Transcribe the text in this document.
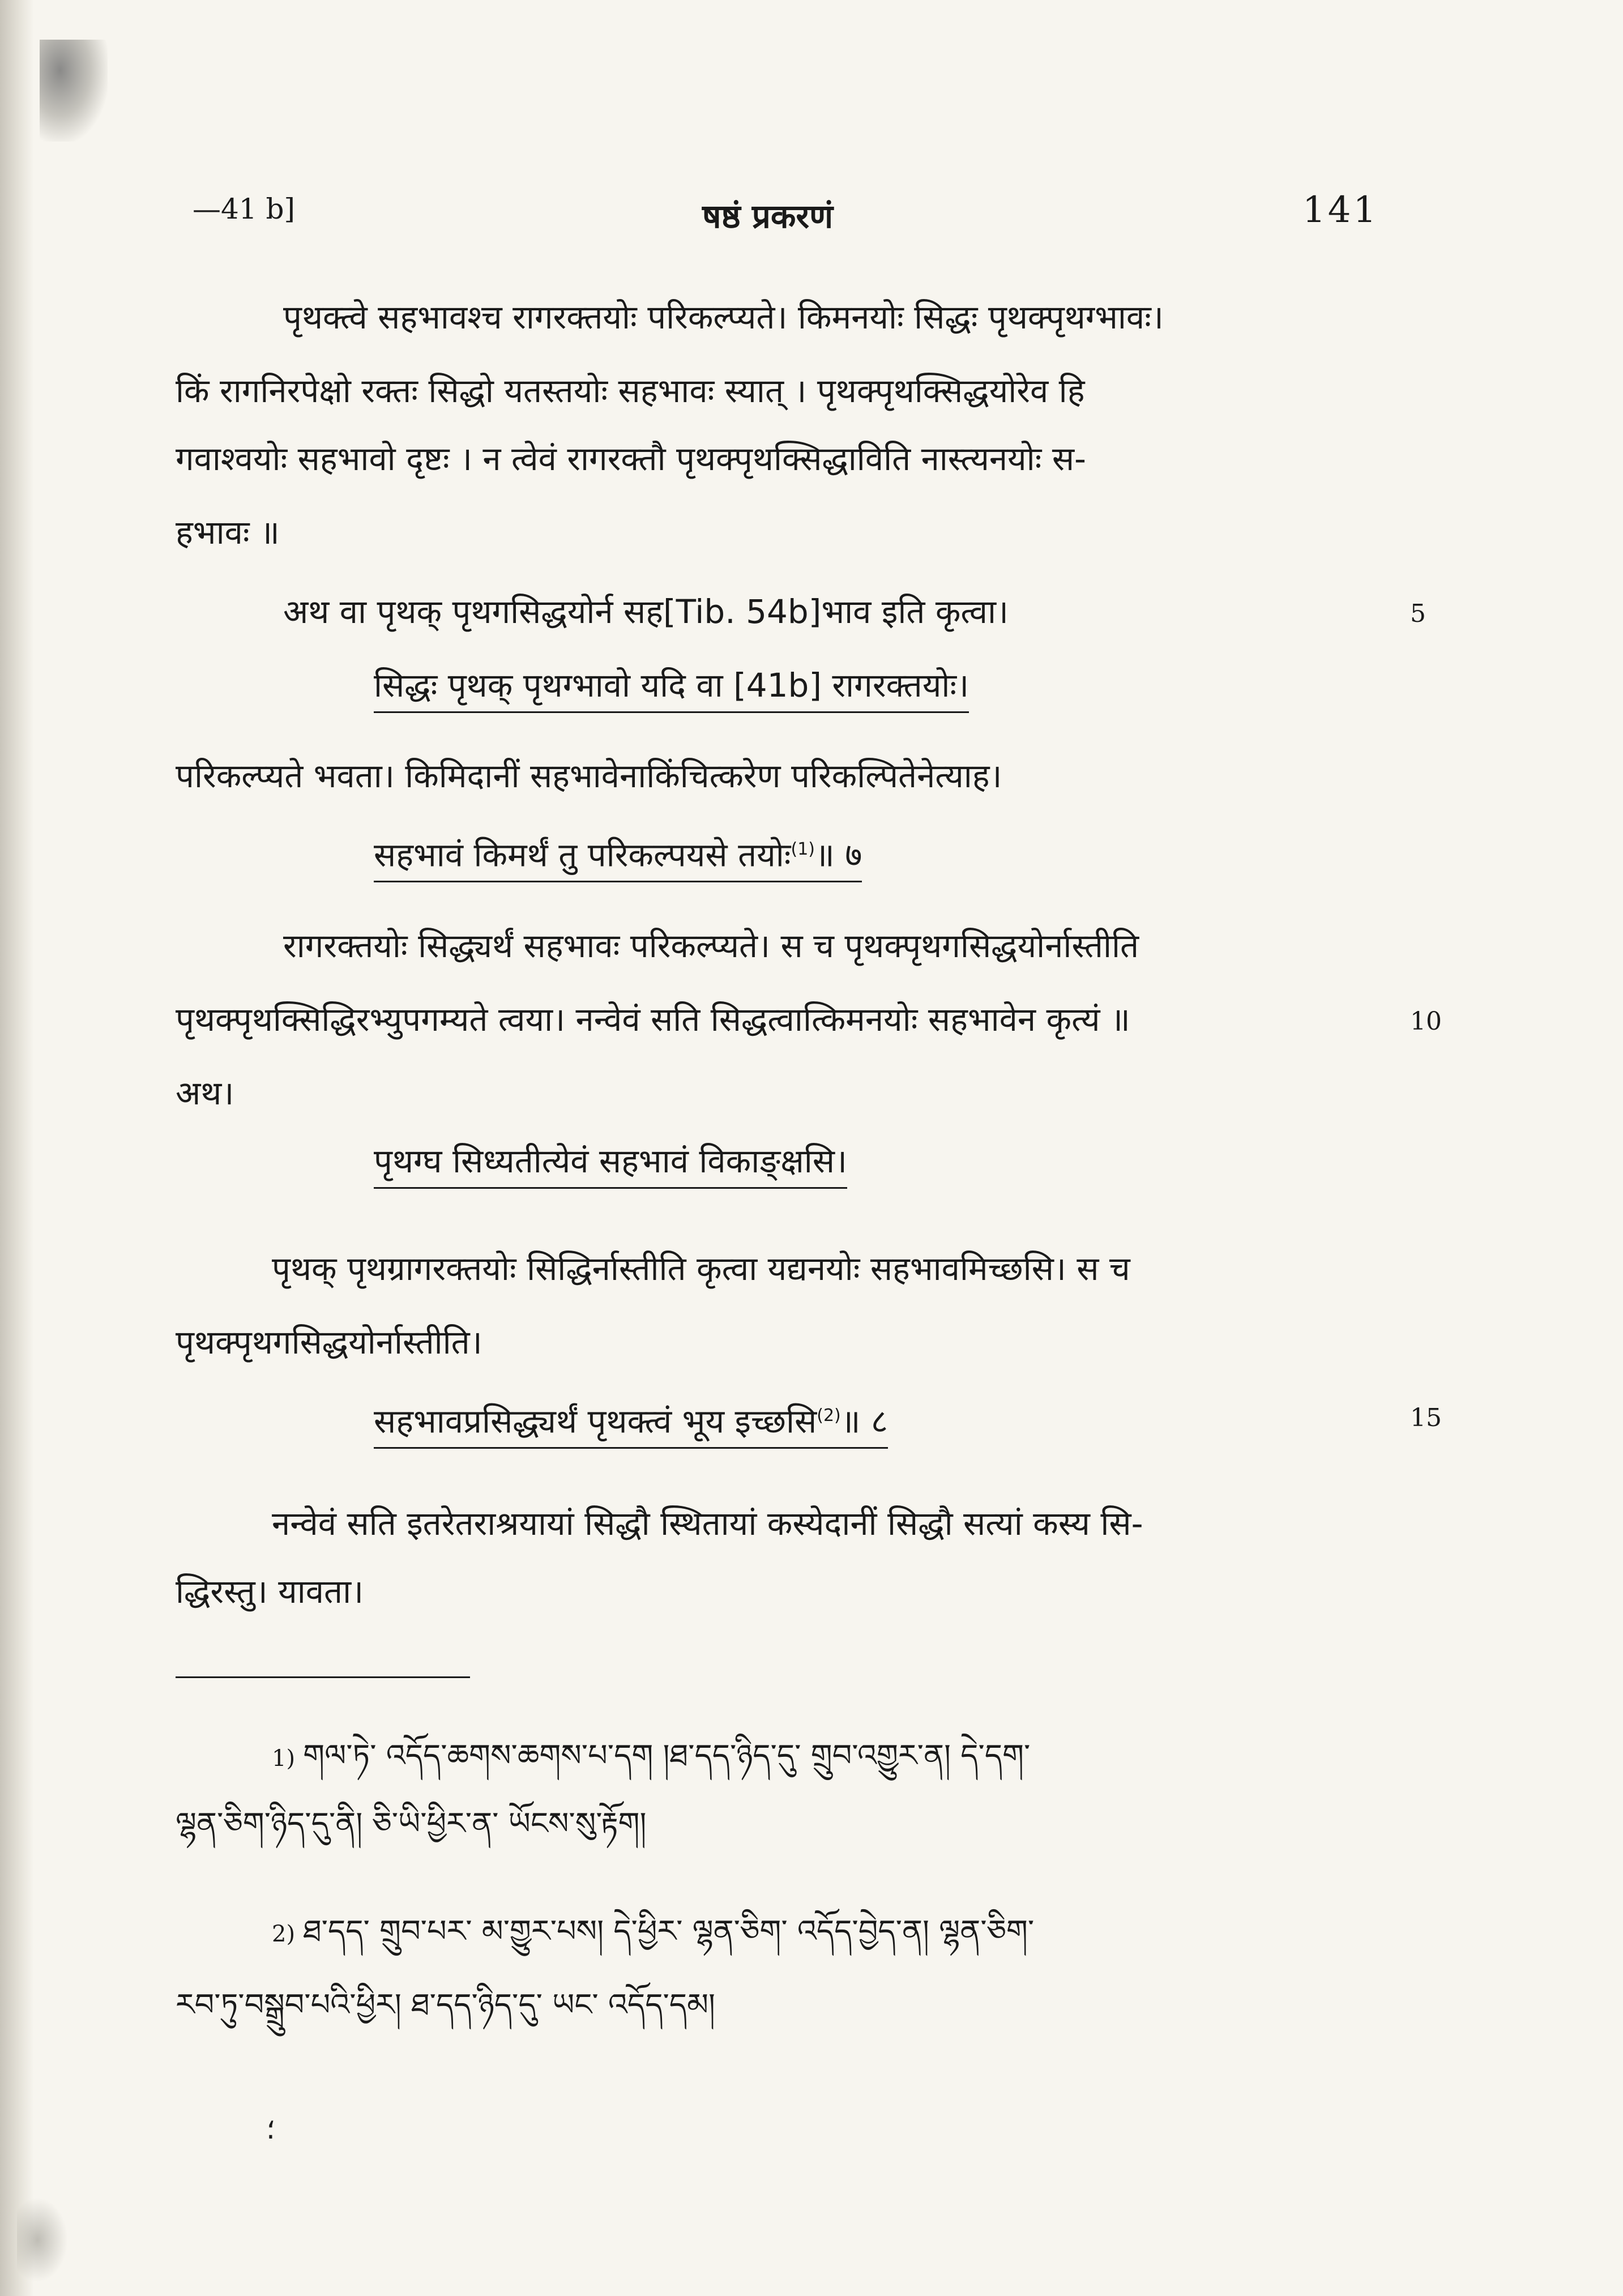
—41 b]	षष्ठं प्रकरणं	141
पृथक्त्वे सहभावश्च रागरक्तयोः परिकल्प्यते। किमनयोः सिद्धः पृथक्पृथग्भावः।
किं रागनिरपेक्षो रक्तः सिद्धो यतस्तयोः सहभावः स्यात् । पृथक्पृथक्सिद्धयोरेव हि
गवाश्वयोः सहभावो दृष्टः । न त्वेवं रागरक्तौ पृथक्पृथक्सिद्धाविति नास्त्यनयोः स-
हभावः ॥
अथ वा पृथक् पृथगसिद्धयोर्न सह[Tib. 54b]भाव इति कृत्वा।	5
सिद्धः पृथक् पृथग्भावो यदि वा [41b] रागरक्तयोः।
परिकल्प्यते भवता। किमिदानीं सहभावेनाकिंचित्करेण परिकल्पितेनेत्याह।
सहभावं किमर्थं तु परिकल्पयसे तयोः$^{(1)}$॥ ७
रागरक्तयोः सिद्ध्यर्थं सहभावः परिकल्प्यते। स च पृथक्पृथगसिद्धयोर्नास्तीति
पृथक्पृथक्सिद्धिरभ्युपगम्यते त्वया। नन्वेवं सति सिद्धत्वात्किमनयोः सहभावेन कृत्यं ॥	10
अथ।
पृथग्घ सिध्यतीत्येवं सहभावं विकाङ्क्षसि।
पृथक् पृथग्रागरक्तयोः सिद्धिर्नास्तीति कृत्वा यद्यनयोः सहभावमिच्छसि। स च
पृथक्पृथगसिद्धयोर्नास्तीति।
सहभावप्रसिद्ध्यर्थं पृथक्त्वं भूय इच्छसि$^{(2)}$॥ ८	15
नन्वेवं सति इतरेतराश्रयायां सिद्धौ स्थितायां कस्येदानीं सिद्धौ सत्यां कस्य सि-
द्धिरस्तु। यावता।
1) གལ་ཏེ་ འདོད་ཆགས་ཆགས་པ་དག །ཐ་དད་ཉིད་དུ་ གྲུབ་འགྱུར་ན། དེ་དག་
ལྷན་ཅིག་ཉིད་དུ་ནི། ཅི་ཡི་ཕྱིར་ན་ ཡོངས་སུ་རྟོག།
2) ཐ་དད་ གྲུབ་པར་ མ་གྱུར་པས། དེ་ཕྱིར་ ལྷན་ཅིག་ འདོད་བྱེད་ན། ལྷན་ཅིག་
རབ་ཏུ་བསྒྲུབ་པའི་ཕྱིར། ཐ་དད་ཉིད་དུ་ ཡང་ འདོད་དམ།
؛
